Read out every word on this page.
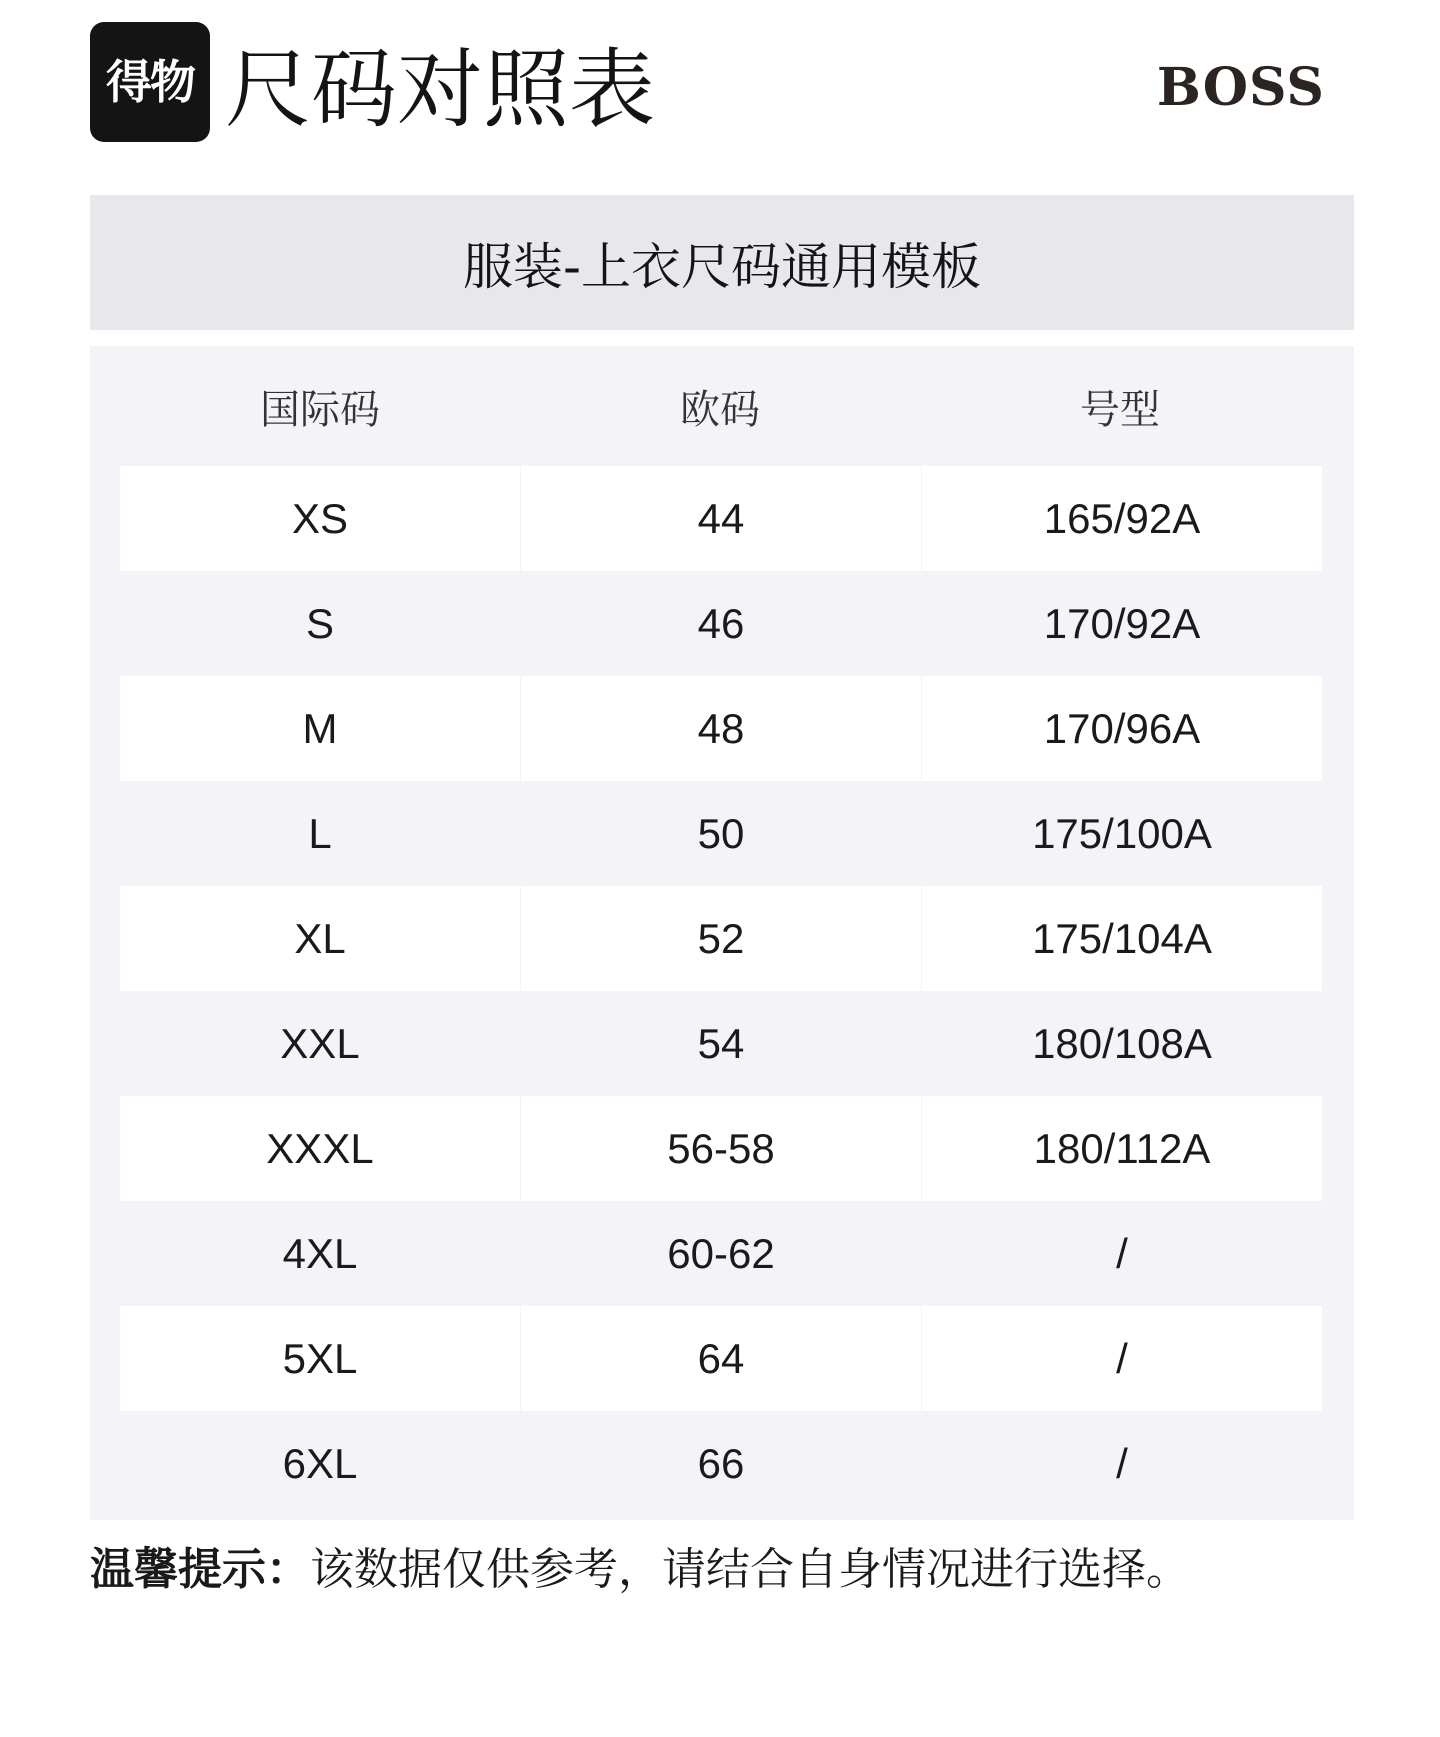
得物 尺码对照表	BOSS
服装-上衣尺码通用模板
国际码	欧码	号型
XS	44	165/92A
S	46	170/92A
M	48	170/96A
L	50	175/100A
XL	52	175/104A
XXL	54	180/108A
XXXL	56-58	180/112A
4XL	60-62	/
5XL	64	/
6XL	66	/
温馨提示：该数据仅供参考，请结合自身情况进行选择。
